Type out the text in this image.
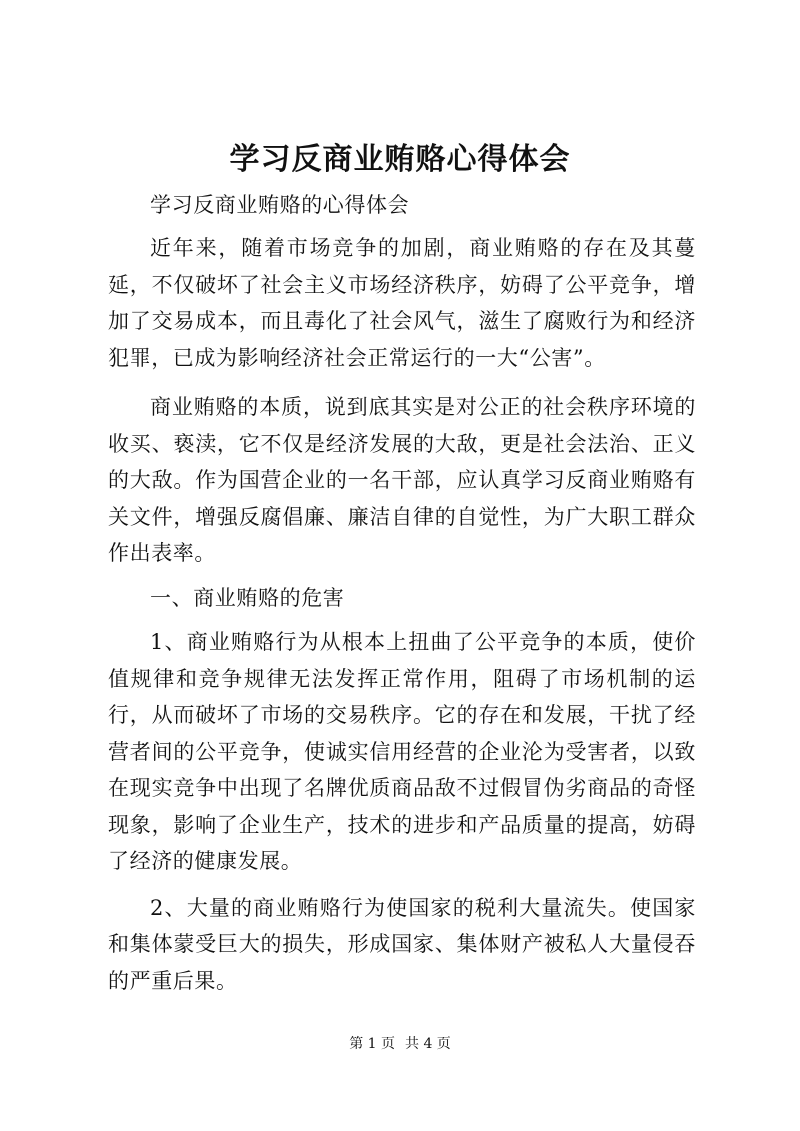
学习反商业贿赂心得体会

学习反商业贿赂的心得体会

近年来，随着市场竞争的加剧，商业贿赂的存在及其蔓延，不仅破坏了社会主义市场经济秩序，妨碍了公平竞争，增加了交易成本，而且毒化了社会风气，滋生了腐败行为和经济犯罪，已成为影响经济社会正常运行的一大“公害”。

商业贿赂的本质，说到底其实是对公正的社会秩序环境的收买、亵渎，它不仅是经济发展的大敌，更是社会法治、正义的大敌。作为国营企业的一名干部，应认真学习反商业贿赂有关文件，增强反腐倡廉、廉洁自律的自觉性，为广大职工群众作出表率。

一、商业贿赂的危害

1、商业贿赂行为从根本上扭曲了公平竞争的本质，使价值规律和竞争规律无法发挥正常作用，阻碍了市场机制的运行，从而破坏了市场的交易秩序。它的存在和发展，干扰了经营者间的公平竞争，使诚实信用经营的企业沦为受害者，以致在现实竞争中出现了名牌优质商品敌不过假冒伪劣商品的奇怪现象，影响了企业生产，技术的进步和产品质量的提高，妨碍了经济的健康发展。

2、大量的商业贿赂行为使国家的税利大量流失。使国家和集体蒙受巨大的损失，形成国家、集体财产被私人大量侵吞的严重后果。

第 1 页 共 4 页
